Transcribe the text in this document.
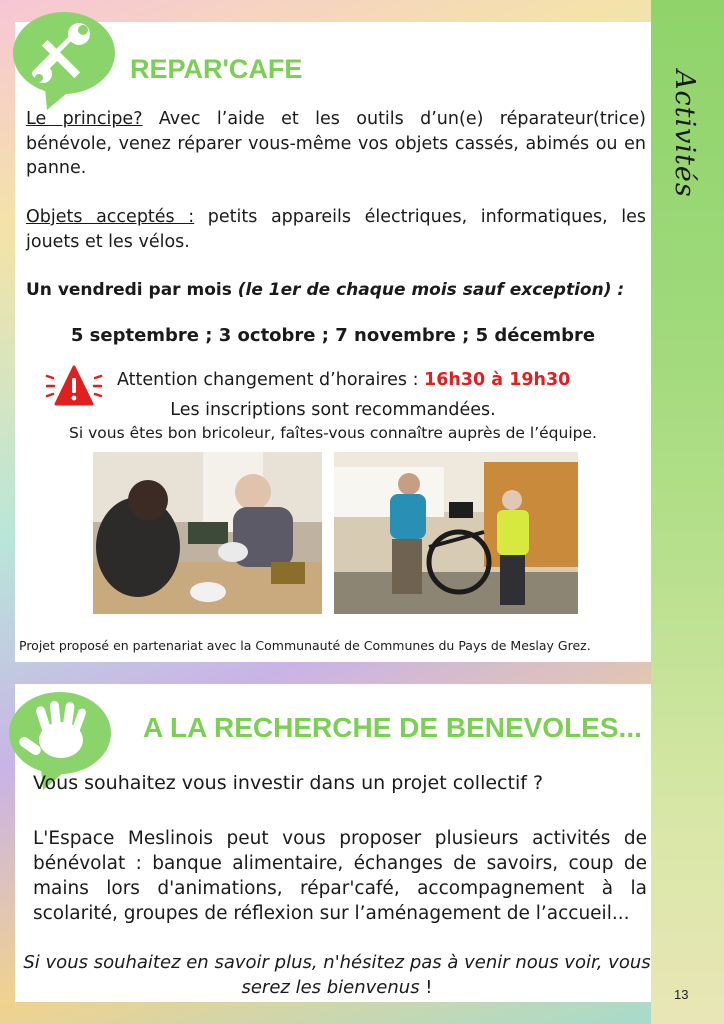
Activités
13
REPAR'CAFE
Le principe? Avec l’aide et les outils d’un(e) réparateur(trice) bénévole, venez réparer vous-même vos objets cassés, abimés ou en panne.
Objets acceptés : petits appareils électriques, informatiques, les jouets et les vélos.
Un vendredi par mois (le 1er de chaque mois sauf exception) :
5 septembre ; 3 octobre ; 7 novembre ; 5 décembre
Attention changement d’horaires : 16h30 à 19h30
Les inscriptions sont recommandées.
Si vous êtes bon bricoleur, faîtes-vous connaître auprès de l’équipe.
Projet proposé en partenariat avec la Communauté de Communes du Pays de Meslay Grez.
A LA RECHERCHE DE BENEVOLES...
Vous souhaitez vous investir dans un projet collectif ?
L'Espace Meslinois peut vous proposer plusieurs activités de bénévolat : banque alimentaire, échanges de savoirs, coup de mains lors d'animations, répar'café, accompagnement à la scolarité, groupes de réflexion sur l’aménagement de l’accueil...
Si vous souhaitez en savoir plus, n'hésitez pas à venir nous voir, vous serez les bienvenus !
